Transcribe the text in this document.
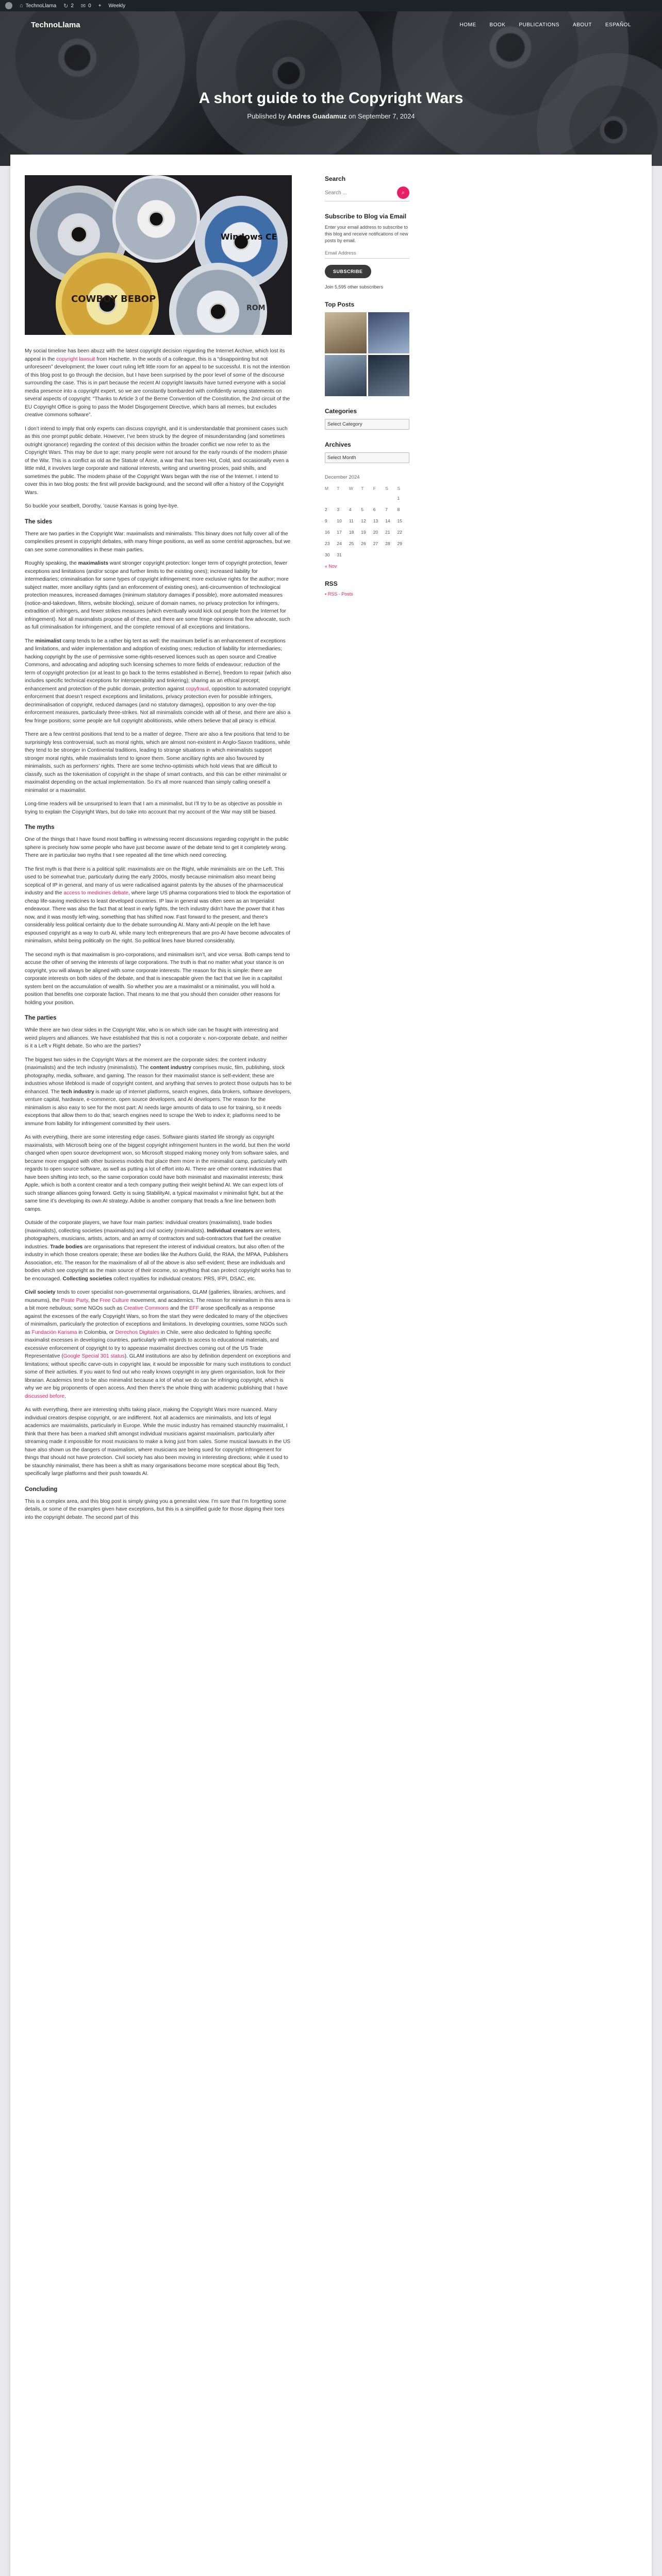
⌂ TechnoLlama ↻ 2 ✉ 0 + Weekly
TechnoLlama	HOME	BOOK	PUBLICATIONS	ABOUT	ESPAÑOL
A short guide to the Copyright Wars
Published by Andres Guadamuz on September 7, 2024
Windows CE
COWBOY BEBOP
ROM

My social timeline has been abuzz with the latest copyright decision regarding the Internet Archive, which lost its appeal in the copyright lawsuit from Hachette. In the words of a colleague, this is a “disappointing but not unforeseen” development; the lower court ruling left little room for an appeal to be successful. It is not the intention of this blog post to go through the decision, but I have been surprised by the poor level of some of the discourse surrounding the case. This is in part because the recent AI copyright lawsuits have turned everyone with a social media presence into a copyright expert, so we are constantly bombarded with confidently wrong statements on several aspects of copyright: “Thanks to Article 3 of the Berne Convention of the Constitution, the 2nd circuit of the EU Copyright Office is going to pass the Model Disgorgement Directive, which bans all memes, but excludes creative commons software”.

I don’t intend to imply that only experts can discuss copyright, and it is understandable that prominent cases such as this one prompt public debate. However, I’ve been struck by the degree of misunderstanding (and sometimes outright ignorance) regarding the context of this decision within the broader conflict we now refer to as the Copyright Wars. This may be due to age; many people were not around for the early rounds of the modern phase of the War. This is a conflict as old as the Statute of Anne, a war that has been Hot, Cold, and occasionally even a little mild, it involves large corporate and national interests, writing and unwriting proxies, paid shills, and sometimes the public. The modern phase of the Copyright Wars began with the rise of the Internet. I intend to cover this in two blog posts: the first will provide background, and the second will offer a history of the Copyright Wars.

So buckle your seatbelt, Dorothy, ’cause Kansas is going bye-bye.

The sides

There are two parties in the Copyright War: maximalists and minimalists. This binary does not fully cover all of the complexities present in copyright debates, with many fringe positions, as well as some centrist approaches, but we can see some commonalities in these main parties.

Roughly speaking, the maximalists want stronger copyright protection: longer term of copyright protection, fewer exceptions and limitations (and/or scope and further limits to the existing ones); increased liability for intermediaries; criminalisation for some types of copyright infringement; more exclusive rights for the author; more subject matter, more ancillary rights (and an enforcement of existing ones), anti-circumvention of technological protection measures, increased damages (minimum statutory damages if possible), more automated measures (notice-and-takedown, filters, website blocking), seizure of domain names, no privacy protection for infringers, extradition of infringers, and fewer strikes measures (which eventually would kick out people from the Internet for infringement). Not all maximalists propose all of these, and there are some fringe opinions that few advocate, such as full criminalisation for infringement, and the complete removal of all exceptions and limitations.

The minimalist camp tends to be a rather big tent as well: the maximum belief is an enhancement of exceptions and limitations, and wider implementation and adoption of existing ones; reduction of liability for intermediaries; hacking copyright by the use of permissive some-rights-reserved licences such as open source and Creative Commons, and advocating and adopting such licensing schemes to more fields of endeavour; reduction of the term of copyright protection (or at least to go back to the terms established in Berne), freedom to repair (which also includes specific technical exceptions for interoperability and tinkering); sharing as an ethical precept; enhancement and protection of the public domain, protection against copyfraud, opposition to automated copyright enforcement that doesn’t respect exceptions and limitations, privacy protection even for possible infringers, decriminalisation of copyright, reduced damages (and no statutory damages), opposition to any over-the-top enforcement measures, particularly three-strikes. Not all minimalists coincide with all of these, and there are also a few fringe positions; some people are full copyright abolitionists, while others believe that all piracy is ethical.

There are a few centrist positions that tend to be a matter of degree. There are also a few positions that tend to be surprisingly less controversial, such as moral rights, which are almost non-existent in Anglo-Saxon traditions, while they tend to be stronger in Continental traditions, leading to strange situations in which minimalists support stronger moral rights, while maximalists tend to ignore them. Some ancillary rights are also favoured by minimalists, such as performers’ rights. There are some techno-optimists which hold views that are difficult to classify, such as the tokenisation of copyright in the shape of smart contracts, and this can be either minimalist or maximalist depending on the actual implementation. So it’s all more nuanced than simply calling oneself a minimalist or a maximalist.

Long-time readers will be unsurprised to learn that I am a minimalist, but I’ll try to be as objective as possible in trying to explain the Copyright Wars, but do take into account that my account of the War may still be biased.

The myths

One of the things that I have found most baffling in witnessing recent discussions regarding copyright in the public sphere is precisely how some people who have just become aware of the debate tend to get it completely wrong. There are in particular two myths that I see repeated all the time which need correcting.

The first myth is that there is a political split: maximalists are on the Right, while minimalists are on the Left. This used to be somewhat true, particularly during the early 2000s, mostly because minimalism also meant being sceptical of IP in general, and many of us were radicalised against patents by the abuses of the pharmaceutical industry and the access to medicines debate, where large US pharma corporations tried to block the exportation of cheap life-saving medicines to least developed countries. IP law in general was often seen as an Imperialist endeavour. There was also the fact that at least in early fights, the tech industry didn’t have the power that it has now, and it was mostly left-wing, something that has shifted now. Fast forward to the present, and there’s considerably less political certainty due to the debate surrounding AI. Many anti-AI people on the left have espoused copyright as a way to curb AI, while many tech entrepreneurs that are pro-AI have become advocates of minimalism, whilst being politically on the right. So political lines have blurred considerably.

The second myth is that maximalism is pro-corporations, and minimalism isn’t, and vice versa. Both camps tend to accuse the other of serving the interests of large corporations. The truth is that no matter what your stance is on copyright, you will always be aligned with some corporate interests. The reason for this is simple: there are corporate interests on both sides of the debate, and that is inescapable given the fact that we live in a capitalist system bent on the accumulation of wealth. So whether you are a maximalist or a minimalist, you will hold a position that benefits one corporate faction. That means to me that you should then consider other reasons for holding your position.

The parties

While there are two clear sides in the Copyright War, who is on which side can be fraught with interesting and weird players and alliances. We have established that this is not a corporate v. non-corporate debate, and neither is it a Left v Right debate. So who are the parties?

The biggest two sides in the Copyright Wars at the moment are the corporate sides: the content industry (maximalists) and the tech industry (minimalists). The content industry comprises music, film, publishing, stock photography, media, software, and gaming. The reason for their maximalist stance is self-evident; these are industries whose lifeblood is made of copyright content, and anything that serves to protect those outputs has to be enhanced. The tech industry is made up of internet platforms, search engines, data brokers, software developers, venture capital, hardware, e-commerce, open source developers, and AI developers. The reason for the minimalism is also easy to see for the most part: AI needs large amounts of data to use for training, so it needs exceptions that allow them to do that; search engines need to scrape the Web to index it; platforms need to be immune from liability for infringement committed by their users.

As with everything, there are some interesting edge cases. Software giants started life strongly as copyright maximalists, with Microsoft being one of the biggest copyright infringement hunters in the world, but then the world changed when open source development won, so Microsoft stopped making money only from software sales, and became more engaged with other business models that place them more in the minimalist camp, particularly with regards to open source software, as well as putting a lot of effort into AI. There are other content industries that have been shifting into tech, so the same corporation could have both minimalist and maximalist interests; think Apple, which is both a content creator and a tech company putting their weight behind AI. We can expect lots of such strange alliances going forward. Getty is suing StabilityAI, a typical maximalist v minimalist fight, but at the same time it’s developing its own AI strategy. Adobe is another company that treads a fine line between both camps.

Outside of the corporate players, we have four main parties: individual creators (maximalists), trade bodies (maximalists), collecting societies (maximalists) and civil society (minimalists). Individual creators are writers, photographers, musicians, artists, actors, and an army of contractors and sub-contractors that fuel the creative industries. Trade bodies are organisations that represent the interest of individual creators, but also often of the industry in which those creators operate; these are bodies like the Authors Guild, the RIAA, the MPAA, Publishers Association, etc. The reason for the maximalism of all of the above is also self-evident; these are individuals and bodies which see copyright as the main source of their income, so anything that can protect copyright works has to be encouraged. Collecting societies collect royalties for individual creators: PRS, IFPI, DSAC, etc.

Civil society tends to cover specialist non-governmental organisations, GLAM (galleries, libraries, archives, and museums), the Pirate Party, the Free Culture movement, and academics. The reason for minimalism in this area is a bit more nebulous; some NGOs such as Creative Commons and the EFF arose specifically as a response against the excesses of the early Copyright Wars, so from the start they were dedicated to many of the objectives of minimalism, particularly the protection of exceptions and limitations. In developing countries, some NGOs such as Fundación Karisma in Colombia, or Derechos Digitales in Chile, were also dedicated to fighting specific maximalist excesses in developing countries, particularly with regards to access to educational materials, and excessive enforcement of copyright to try to appease maximalist directives coming out of the US Trade Representative (Google Special 301 status). GLAM institutions are also by definition dependent on exceptions and limitations; without specific carve-outs in copyright law, it would be impossible for many such institutions to conduct some of their activities. If you want to find out who really knows copyright in any given organisation, look for their librarian. Academics tend to be also minimalist because a lot of what we do can be infringing copyright, which is why we are big proponents of open access. And then there’s the whole thing with academic publishing that I have discussed before.

As with everything, there are interesting shifts taking place, making the Copyright Wars more nuanced. Many individual creators despise copyright, or are indifferent. Not all academics are minimalists, and lots of legal academics are maximalists, particularly in Europe. While the music industry has remained staunchly maximalist, I think that there has been a marked shift amongst individual musicians against maximalism, particularly after streaming made it impossible for most musicians to make a living just from sales. Some musical lawsuits in the US have also shown us the dangers of maximalism, where musicians are being sued for copyright infringement for things that should not have protection. Civil society has also been moving in interesting directions; while it used to be staunchly minimalist, there has been a shift as many organisations become more sceptical about Big Tech, specifically large platforms and their push towards AI.

Concluding

This is a complex area, and this blog post is simply giving you a generalist view. I’m sure that I’m forgetting some details, or some of the examples given have exceptions, but this is a simplified guide for those dipping their toes into the copyright debate. The second part of this

Search
Search ...
⌕
Subscribe to Blog via Email
Enter your email address to subscribe to this blog and receive notifications of new posts by email.
Email Address SUBSCRIBE
Join 5,595 other subscribers
Top Posts
Categories
Select Category
Archives
Select Month
December 2024
M	T	W	T	F	S	S
						1
2	3	4	5	6	7	8
9	10	11	12	13	14	15
16	17	18	19	20	21	22
23	24	25	26	27	28	29
30	31					
« Nov
RSS
▪ RSS - Posts
